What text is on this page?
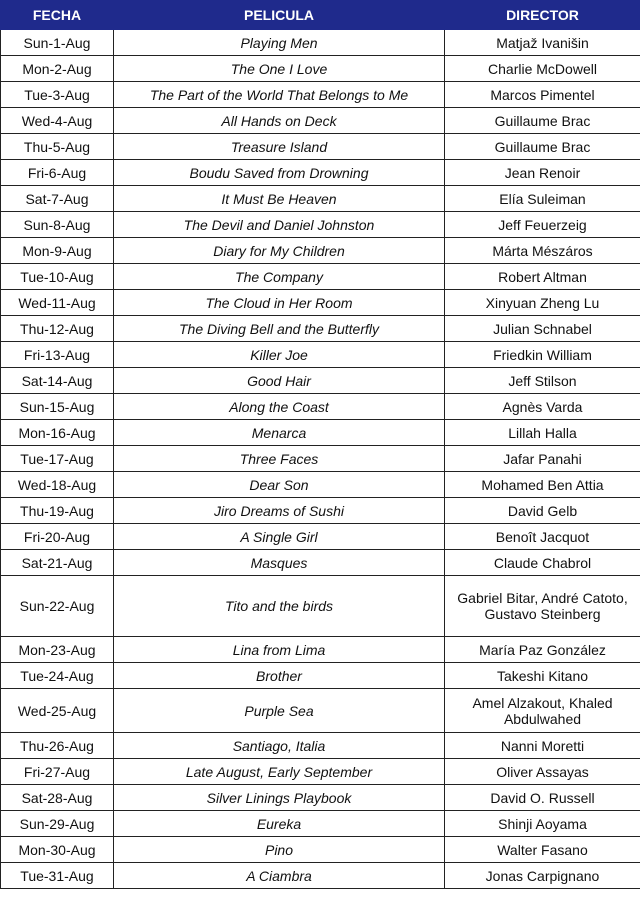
FECHA	PELICULA	DIRECTOR
Sun-1-Aug	Playing Men	Matjaž Ivanišin
Mon-2-Aug	The One I Love	Charlie McDowell
Tue-3-Aug	The Part of the World That Belongs to Me	Marcos Pimentel
Wed-4-Aug	All Hands on Deck	Guillaume Brac
Thu-5-Aug	Treasure Island	Guillaume Brac
Fri-6-Aug	Boudu Saved from Drowning	Jean Renoir
Sat-7-Aug	It Must Be Heaven	Elía Suleiman
Sun-8-Aug	The Devil and Daniel Johnston	Jeff Feuerzeig
Mon-9-Aug	Diary for My Children	Márta Mészáros
Tue-10-Aug	The Company	Robert Altman
Wed-11-Aug	The Cloud in Her Room	Xinyuan Zheng Lu
Thu-12-Aug	The Diving Bell and the Butterfly	Julian Schnabel
Fri-13-Aug	Killer Joe	Friedkin William
Sat-14-Aug	Good Hair	Jeff Stilson
Sun-15-Aug	Along the Coast	Agnès Varda
Mon-16-Aug	Menarca	Lillah Halla
Tue-17-Aug	Three Faces	Jafar Panahi
Wed-18-Aug	Dear Son	Mohamed Ben Attia
Thu-19-Aug	Jiro Dreams of Sushi	David Gelb
Fri-20-Aug	A Single Girl	Benoît Jacquot
Sat-21-Aug	Masques	Claude Chabrol
Sun-22-Aug	Tito and the birds	Gabriel Bitar, André Catoto, Gustavo Steinberg
Mon-23-Aug	Lina from Lima	María Paz González
Tue-24-Aug	Brother	Takeshi Kitano
Wed-25-Aug	Purple Sea	Amel Alzakout, Khaled Abdulwahed
Thu-26-Aug	Santiago, Italia	Nanni Moretti
Fri-27-Aug	Late August, Early September	Oliver Assayas
Sat-28-Aug	Silver Linings Playbook	David O. Russell
Sun-29-Aug	Eureka	Shinji Aoyama
Mon-30-Aug	Pino	Walter Fasano
Tue-31-Aug	A Ciambra	Jonas Carpignano
